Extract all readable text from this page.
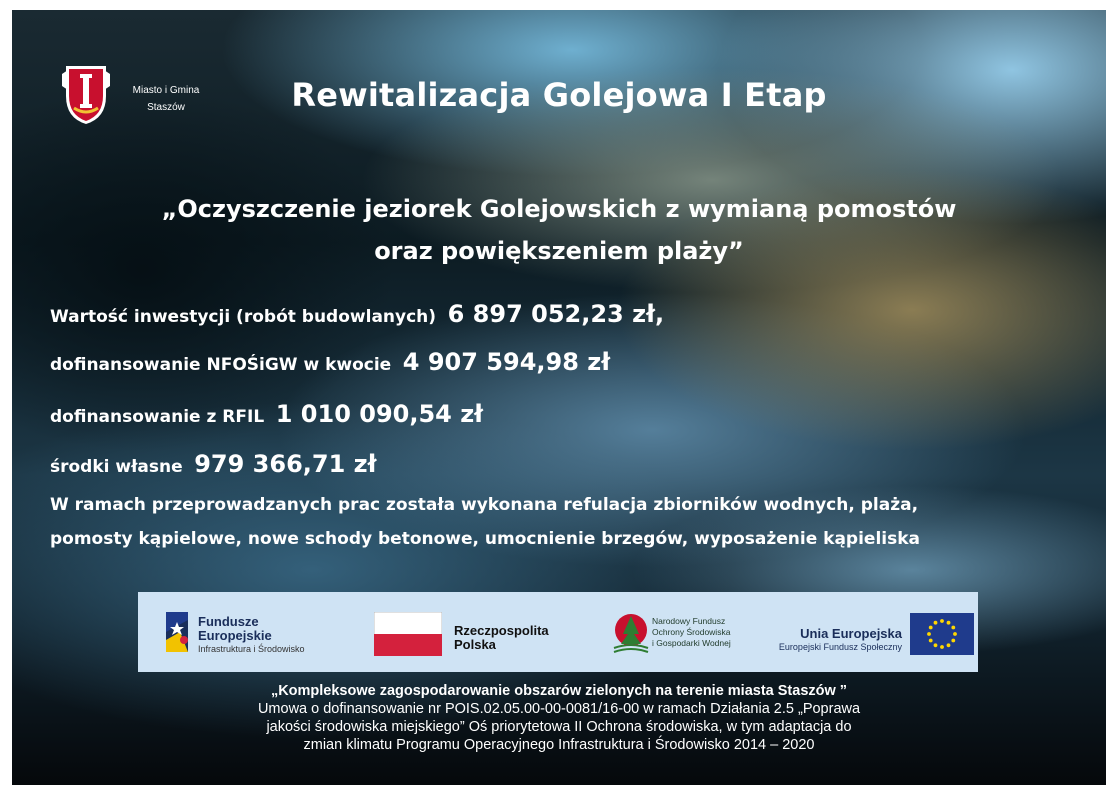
Miasto i Gmina
Staszów	Rewitalizacja Golejowa I Etap
„Oczyszczenie jeziorek Golejowskich z wymianą pomostów
oraz powiększeniem plaży”
Wartość inwestycji (robót budowlanych) 6 897 052,23 zł,
dofinansowanie NFOŚiGW w kwocie 4 907 594,98 zł
dofinansowanie z RFIL 1 010 090,54 zł
środki własne 979 366,71 zł
W ramach przeprowadzanych prac została wykonana refulacja zbiorników wodnych, plaża,
pomosty kąpielowe, nowe schody betonowe, umocnienie brzegów, wyposażenie kąpieliska
Fundusze
Europejskie
Infrastruktura i Środowisko
Rzeczpospolita
Polska
Narodowy Fundusz
Ochrony Środowiska
i Gospodarki Wodnej
Unia Europejska
Europejski Fundusz Społeczny
„Kompleksowe zagospodarowanie obszarów zielonych na terenie miasta Staszów ”
Umowa o dofinansowanie nr POIS.02.05.00-00-0081/16-00 w ramach Działania 2.5 „Poprawa
jakości środowiska miejskiego” Oś priorytetowa II Ochrona środowiska, w tym adaptacja do
zmian klimatu Programu Operacyjnego Infrastruktura i Środowisko 2014 – 2020
